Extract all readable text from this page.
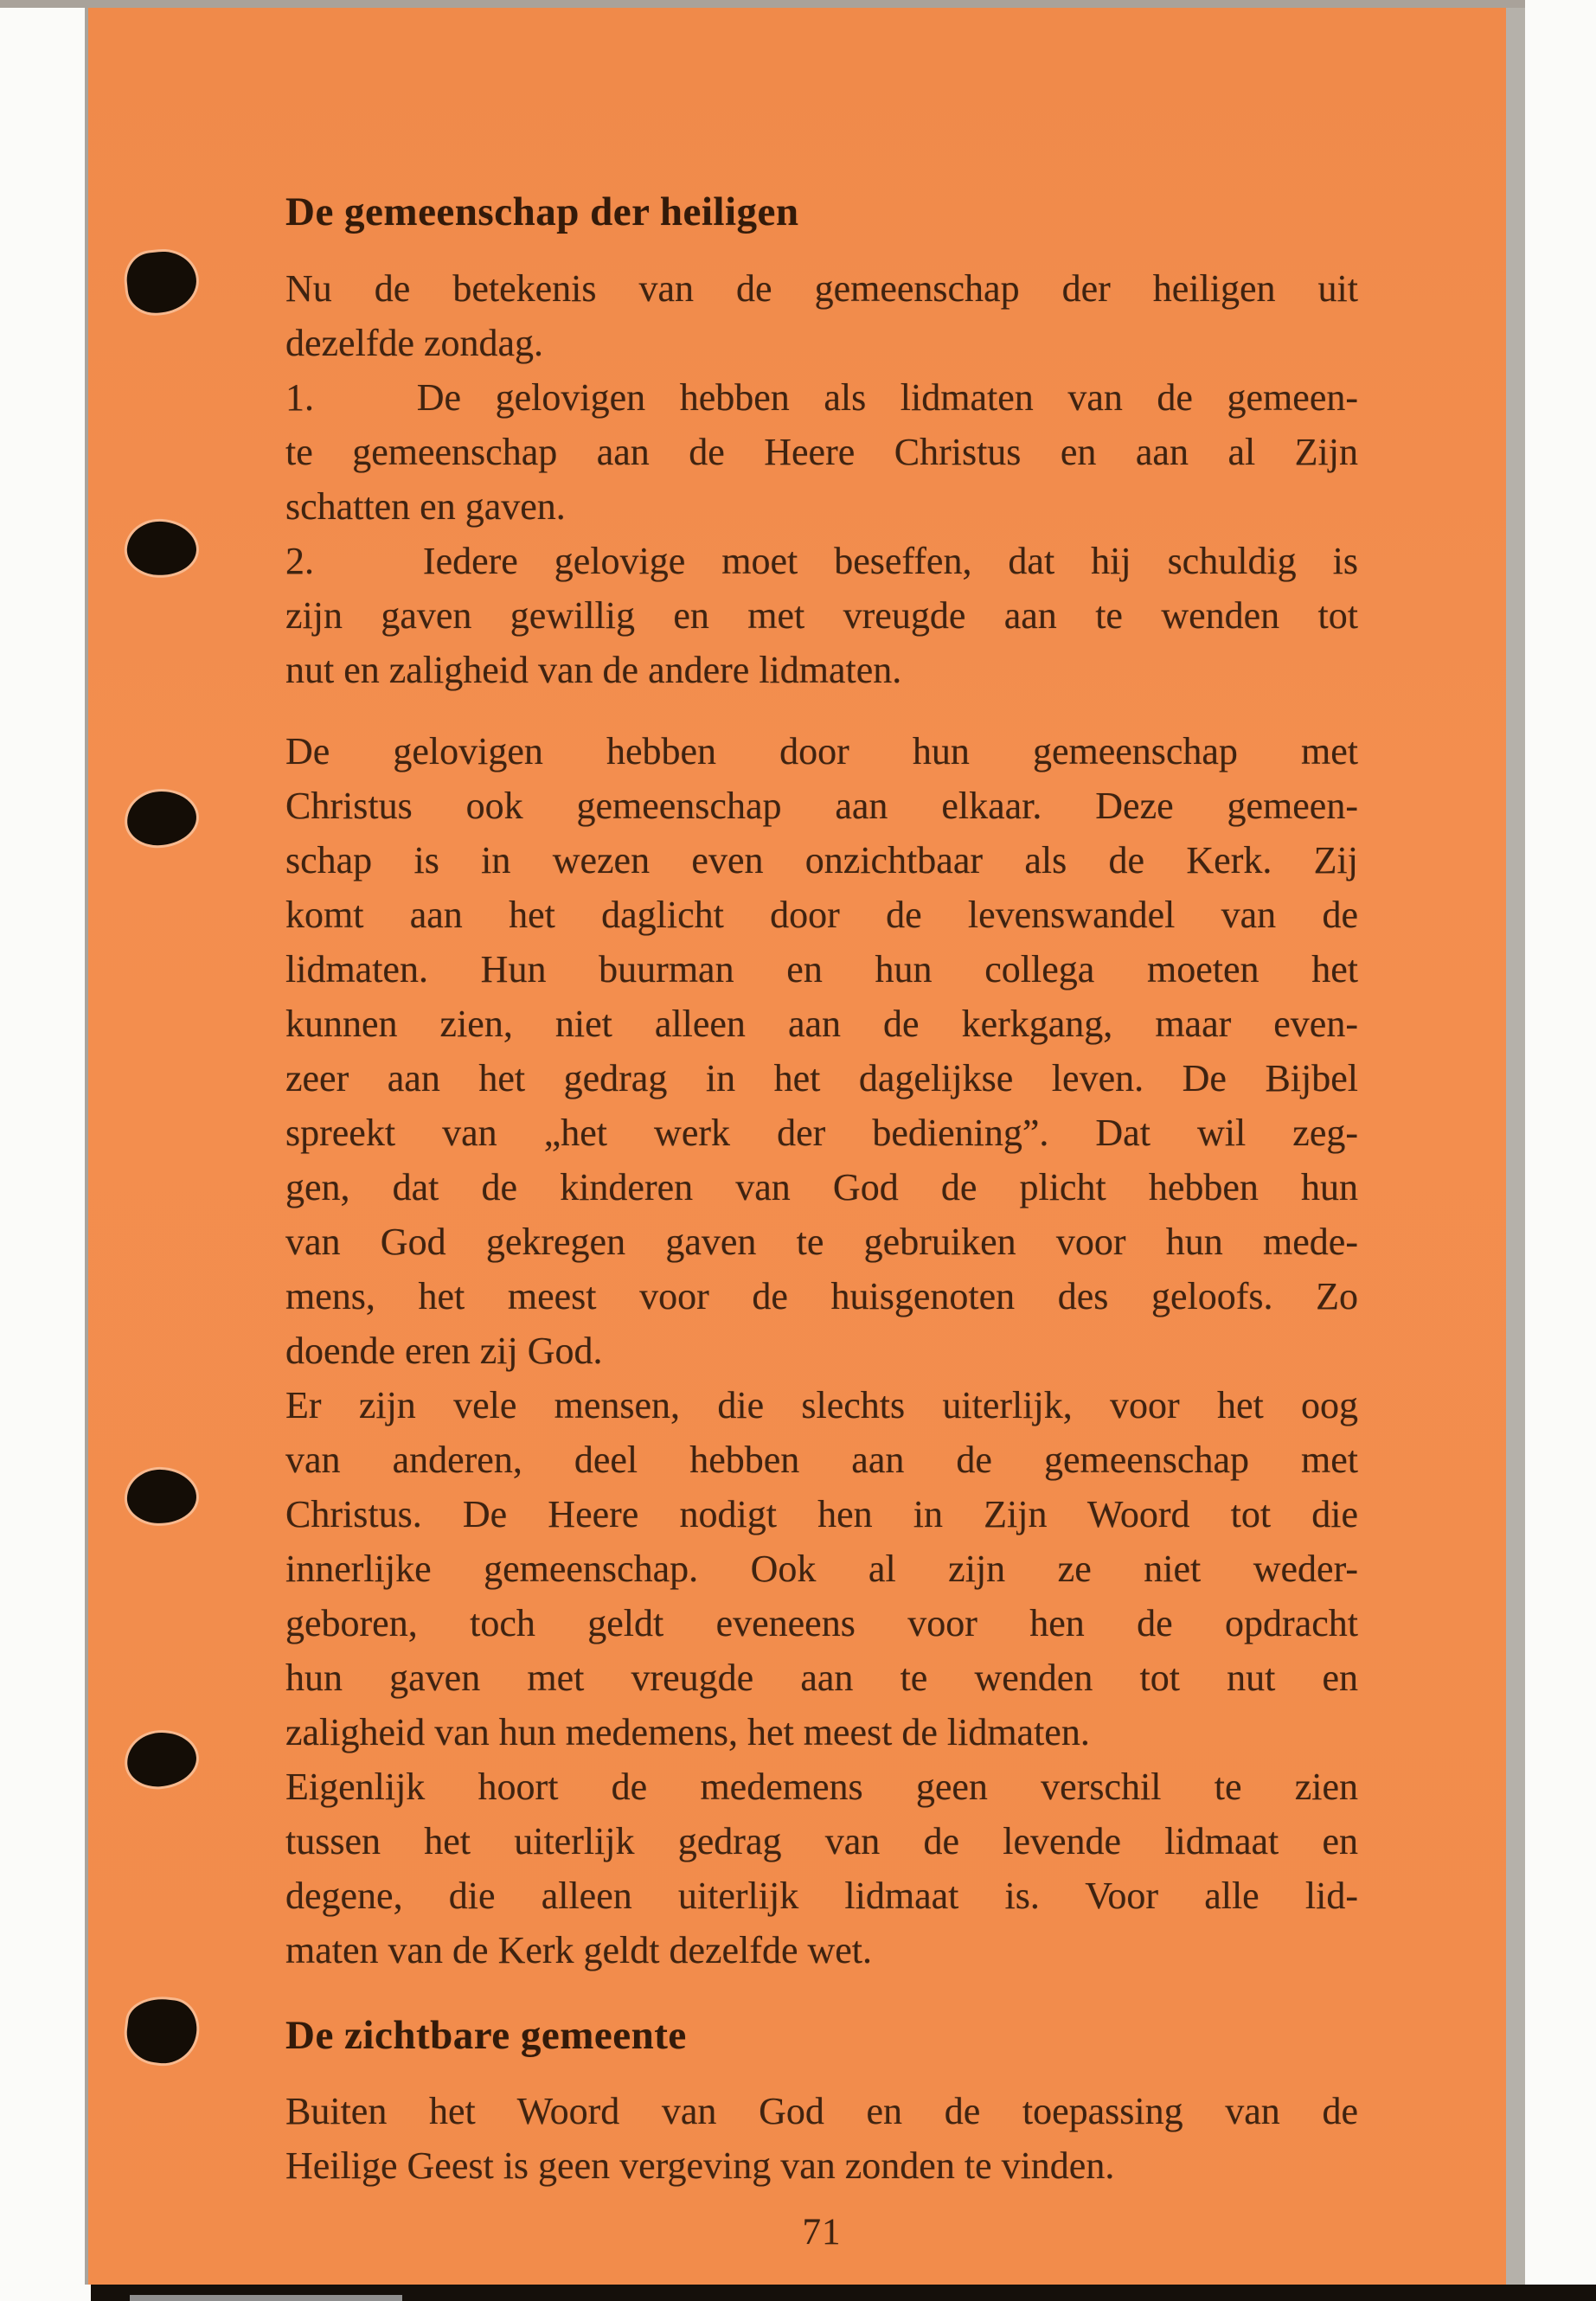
De gemeenschap der heiligen
Nu de betekenis van de gemeenschap der heiligen uit
dezelfde zondag.
1.   De gelovigen hebben als lidmaten van de gemeen-
te gemeenschap aan de Heere Christus en aan al Zijn
schatten en gaven.
2.   Iedere gelovige moet beseffen, dat hij schuldig is
zijn gaven gewillig en met vreugde aan te wenden tot
nut en zaligheid van de andere lidmaten.
De gelovigen hebben door hun gemeenschap met
Christus ook gemeenschap aan elkaar. Deze gemeen-
schap is in wezen even onzichtbaar als de Kerk. Zij
komt aan het daglicht door de levenswandel van de
lidmaten. Hun buurman en hun collega moeten het
kunnen zien, niet alleen aan de kerkgang, maar even-
zeer aan het gedrag in het dagelijkse leven. De Bijbel
spreekt van „het werk der bediening”. Dat wil zeg-
gen, dat de kinderen van God de plicht hebben hun
van God gekregen gaven te gebruiken voor hun mede-
mens, het meest voor de huisgenoten des geloofs. Zo
doende eren zij God.
Er zijn vele mensen, die slechts uiterlijk, voor het oog
van anderen, deel hebben aan de gemeenschap met
Christus. De Heere nodigt hen in Zijn Woord tot die
innerlijke gemeenschap. Ook al zijn ze niet weder-
geboren, toch geldt eveneens voor hen de opdracht
hun gaven met vreugde aan te wenden tot nut en
zaligheid van hun medemens, het meest de lidmaten.
Eigenlijk hoort de medemens geen verschil te zien
tussen het uiterlijk gedrag van de levende lidmaat en
degene, die alleen uiterlijk lidmaat is. Voor alle lid-
maten van de Kerk geldt dezelfde wet.
De zichtbare gemeente
Buiten het Woord van God en de toepassing van de
Heilige Geest is geen vergeving van zonden te vinden.
71
